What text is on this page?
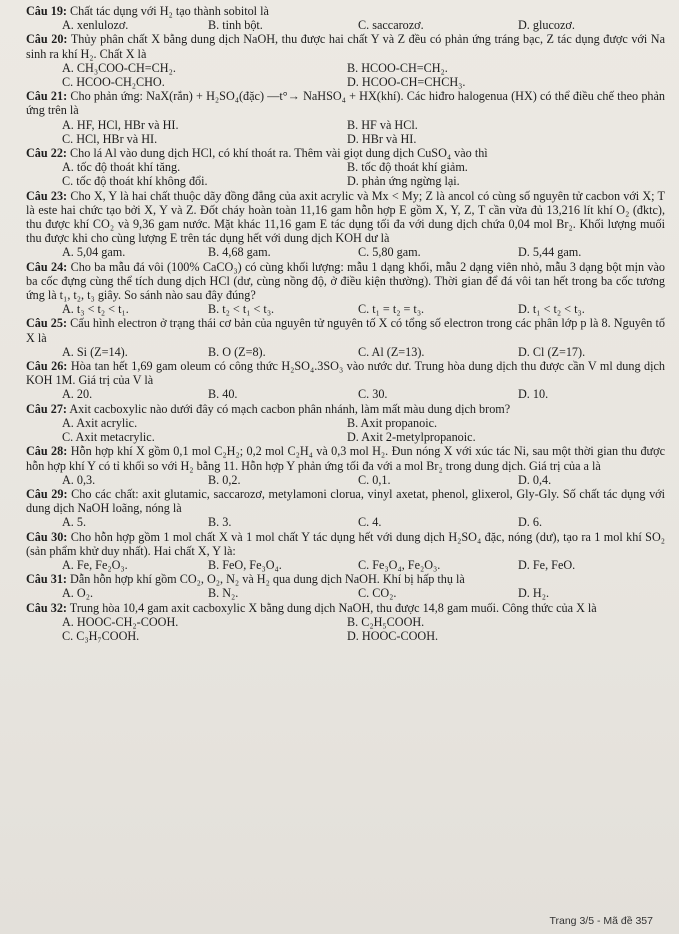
Câu 19: Chất tác dụng với H₂ tạo thành sobitol là

A. xenlulozơ.	B. tinh bột.	C. saccarozơ.	D. glucozơ.

Câu 20: Thủy phân chất X bằng dung dịch NaOH, thu được hai chất Y và Z đều có phản ứng tráng bạc, Z tác dụng được với Na sinh ra khí H₂. Chất X là

A. CH₃COO-CH=CH₂.	B. HCOO-CH=CH₂.
C. HCOO-CH₂CHO.	D. HCOO-CH=CHCH₃.

Câu 21: Cho phản ứng: NaX(rắn) + H₂SO₄(đặc) —t°→ NaHSO₄ + HX(khí). Các hiđro halogenua (HX) có thể điều chế theo phản ứng trên là

A. HF, HCl, HBr và HI.	B. HF và HCl.
C. HCl, HBr và HI.	D. HBr và HI.

Câu 22: Cho lá Al vào dung dịch HCl, có khí thoát ra. Thêm vài giọt dung dịch CuSO₄ vào thì

A. tốc độ thoát khí tăng.	B. tốc độ thoát khí giảm.
C. tốc độ thoát khí không đổi.	D. phản ứng ngừng lại.

Câu 23: Cho X, Y là hai chất thuộc dãy đồng đẳng của axit acrylic và Mx < My; Z là ancol có cùng số nguyên tử cacbon với X; T là este hai chức tạo bởi X, Y và Z. Đốt cháy hoàn toàn 11,16 gam hỗn hợp E gồm X, Y, Z, T cần vừa đủ 13,216 lít khí O₂ (đktc), thu được khí CO₂ và 9,36 gam nước. Mặt khác 11,16 gam E tác dụng tối đa với dung dịch chứa 0,04 mol Br₂. Khối lượng muối thu được khi cho cùng lượng E trên tác dụng hết với dung dịch KOH dư là

A. 5,04 gam.	B. 4,68 gam.	C. 5,80 gam.	D. 5,44 gam.

Câu 24: Cho ba mẫu đá vôi (100% CaCO₃) có cùng khối lượng: mẫu 1 dạng khối, mẫu 2 dạng viên nhỏ, mẫu 3 dạng bột mịn vào ba cốc đựng cùng thể tích dung dịch HCl (dư, cùng nồng độ, ở điều kiện thường). Thời gian để đá vôi tan hết trong ba cốc tương ứng là t₁, t₂, t₃ giây. So sánh nào sau đây đúng?

A. t₃ < t₂ < t₁.	B. t₂ < t₁ < t₃.	C. t₁ = t₂ = t₃.	D. t₁ < t₂ < t₃.

Câu 25: Cấu hình electron ở trạng thái cơ bản của nguyên tử nguyên tố X có tổng số electron trong các phân lớp p là 8. Nguyên tố X là

A. Si (Z=14).	B. O (Z=8).	C. Al (Z=13).	D. Cl (Z=17).

Câu 26: Hòa tan hết 1,69 gam oleum có công thức H₂SO₄.3SO₃ vào nước dư. Trung hòa dung dịch thu được cần V ml dung dịch KOH 1M. Giá trị của V là

A. 20.	B. 40.	C. 30.	D. 10.

Câu 27: Axit cacboxylic nào dưới đây có mạch cacbon phân nhánh, làm mất màu dung dịch brom?

A. Axit acrylic.	B. Axit propanoic.
C. Axit metacrylic.	D. Axit 2-metylpropanoic.

Câu 28: Hỗn hợp khí X gồm 0,1 mol C₂H₂; 0,2 mol C₂H₄ và 0,3 mol H₂. Đun nóng X với xúc tác Ni, sau một thời gian thu được hỗn hợp khí Y có tỉ khối so với H₂ bằng 11. Hỗn hợp Y phản ứng tối đa với a mol Br₂ trong dung dịch. Giá trị của a là

A. 0,3.	B. 0,2.	C. 0,1.	D. 0,4.

Câu 29: Cho các chất: axit glutamic, saccarozơ, metylamoni clorua, vinyl axetat, phenol, glixerol, Gly-Gly. Số chất tác dụng với dung dịch NaOH loãng, nóng là

A. 5.	B. 3.	C. 4.	D. 6.

Câu 30: Cho hỗn hợp gồm 1 mol chất X và 1 mol chất Y tác dụng hết với dung dịch H₂SO₄ đặc, nóng (dư), tạo ra 1 mol khí SO₂ (sản phẩm khử duy nhất). Hai chất X, Y là:

A. Fe, Fe₂O₃.	B. FeO, Fe₃O₄.	C. Fe₃O₄, Fe₂O₃.	D. Fe, FeO.

Câu 31: Dẫn hỗn hợp khí gồm CO₂, O₂, N₂ và H₂ qua dung dịch NaOH. Khí bị hấp thụ là

A. O₂.	B. N₂.	C. CO₂.	D. H₂.

Câu 32: Trung hòa 10,4 gam axit cacboxylic X bằng dung dịch NaOH, thu được 14,8 gam muối. Công thức của X là

A. HOOC-CH₂-COOH.	B. C₂H₅COOH.
C. C₃H₇COOH.	D. HOOC-COOH.
Trang 3/5 - Mã đề 357
